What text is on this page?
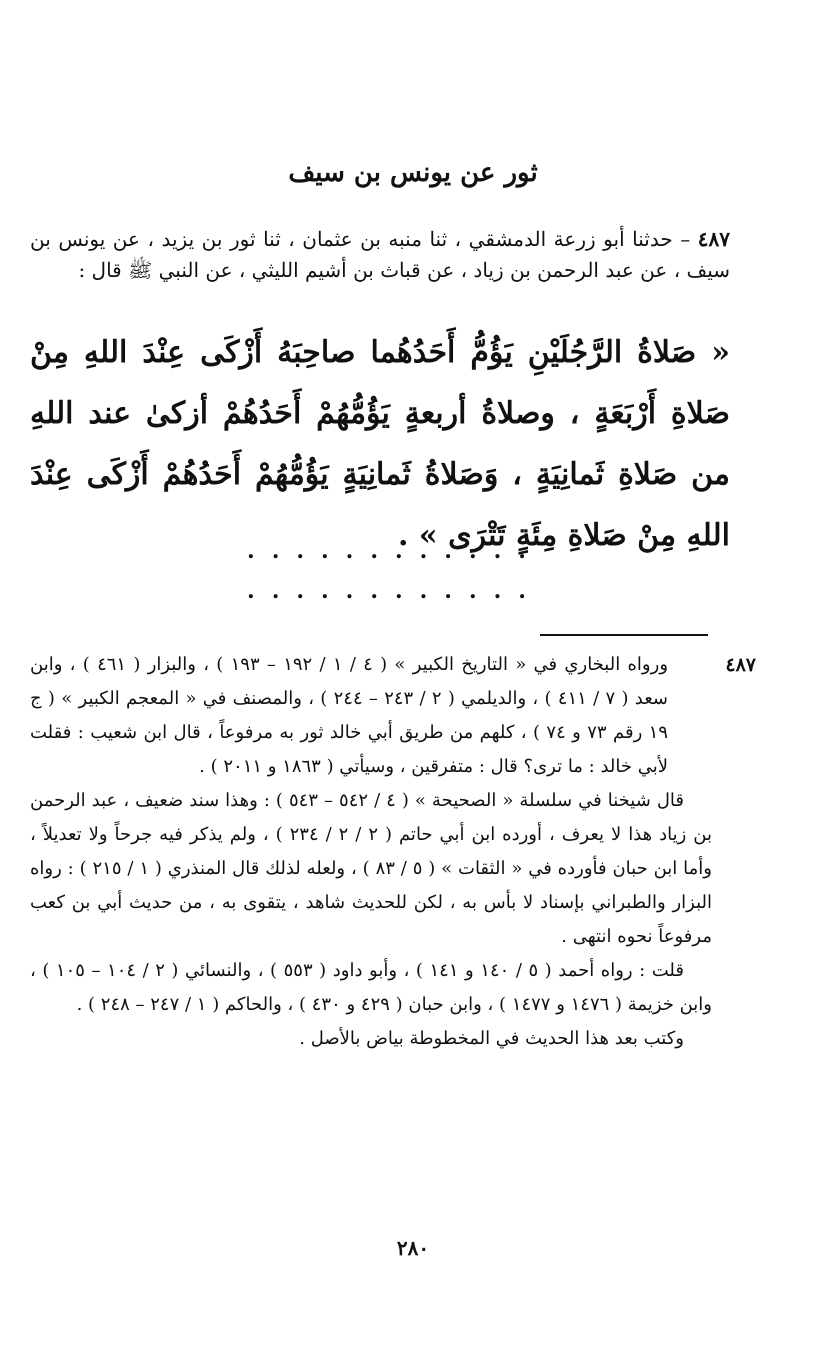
ثور عن يونس بن سيف
٤٨٧ – حدثنا أبو زرعة الدمشقي ، ثنا منبه بن عثمان ، ثنا ثور بن يزيد ، عن يونس بن سيف ، عن عبد الرحمن بن زياد ، عن قباث بن أشيم الليثي ، عن النبي ﷺ قال :
« صَلاةُ الرَّجُلَيْنِ يَؤُمُّ أَحَدُهُما صاحِبَهُ أَزْكَى عِنْدَ اللهِ مِنْ صَلاةِ أَرْبَعَةٍ ، وصلاةُ أربعةٍ يَؤُمُّهُمْ أَحَدُهُمْ أزكىٰ عند اللهِ من صَلاةِ ثَمانِيَةٍ ، وَصَلاةُ ثَمانِيَةٍ يَؤُمُّهُمْ أَحَدُهُمْ أَزْكَى عِنْدَ اللهِ مِنْ صَلاةِ مِئَةٍ تَتْرَى » .
............
............

٤٨٧
ورواه البخاري في « التاريخ الكبير » ( ٤ / ١ / ١٩٢ – ١٩٣ ) ، والبزار ( ٤٦١ ) ، وابن سعد ( ٧ / ٤١١ ) ، والديلمي ( ٢ / ٢٤٣ – ٢٤٤ ) ، والمصنف في « المعجم الكبير » ( ج ١٩ رقم ٧٣ و ٧٤ ) ، كلهم من طريق أبي خالد ثور به مرفوعاً ، قال ابن شعيب : فقلت لأبي خالد : ما ترى؟ قال : متفرقين ، وسيأتي ( ١٨٦٣ و ٢٠١١ ) .

قال شيخنا في سلسلة « الصحيحة » ( ٤ / ٥٤٢ – ٥٤٣ ) : وهذا سند ضعيف ، عبد الرحمن بن زياد هذا لا يعرف ، أورده ابن أبي حاتم ( ٢ / ٢ / ٢٣٤ ) ، ولم يذكر فيه جرحاً ولا تعديلاً ، وأما ابن حبان فأورده في « الثقات » ( ٥ / ٨٣ ) ، ولعله لذلك قال المنذري ( ١ / ٢١٥ ) : رواه البزار والطبراني بإسناد لا بأس به ، لكن للحديث شاهد ، يتقوى به ، من حديث أبي بن كعب مرفوعاً نحوه انتهى .

قلت : رواه أحمد ( ٥ / ١٤٠ و ١٤١ ) ، وأبو داود ( ٥٥٣ ) ، والنسائي ( ٢ / ١٠٤ – ١٠٥ ) ، وابن خزيمة ( ١٤٧٦ و ١٤٧٧ ) ، وابن حبان ( ٤٢٩ و ٤٣٠ ) ، والحاكم ( ١ / ٢٤٧ – ٢٤٨ ) .

وكتب بعد هذا الحديث في المخطوطة بياض بالأصل .

٢٨٠
